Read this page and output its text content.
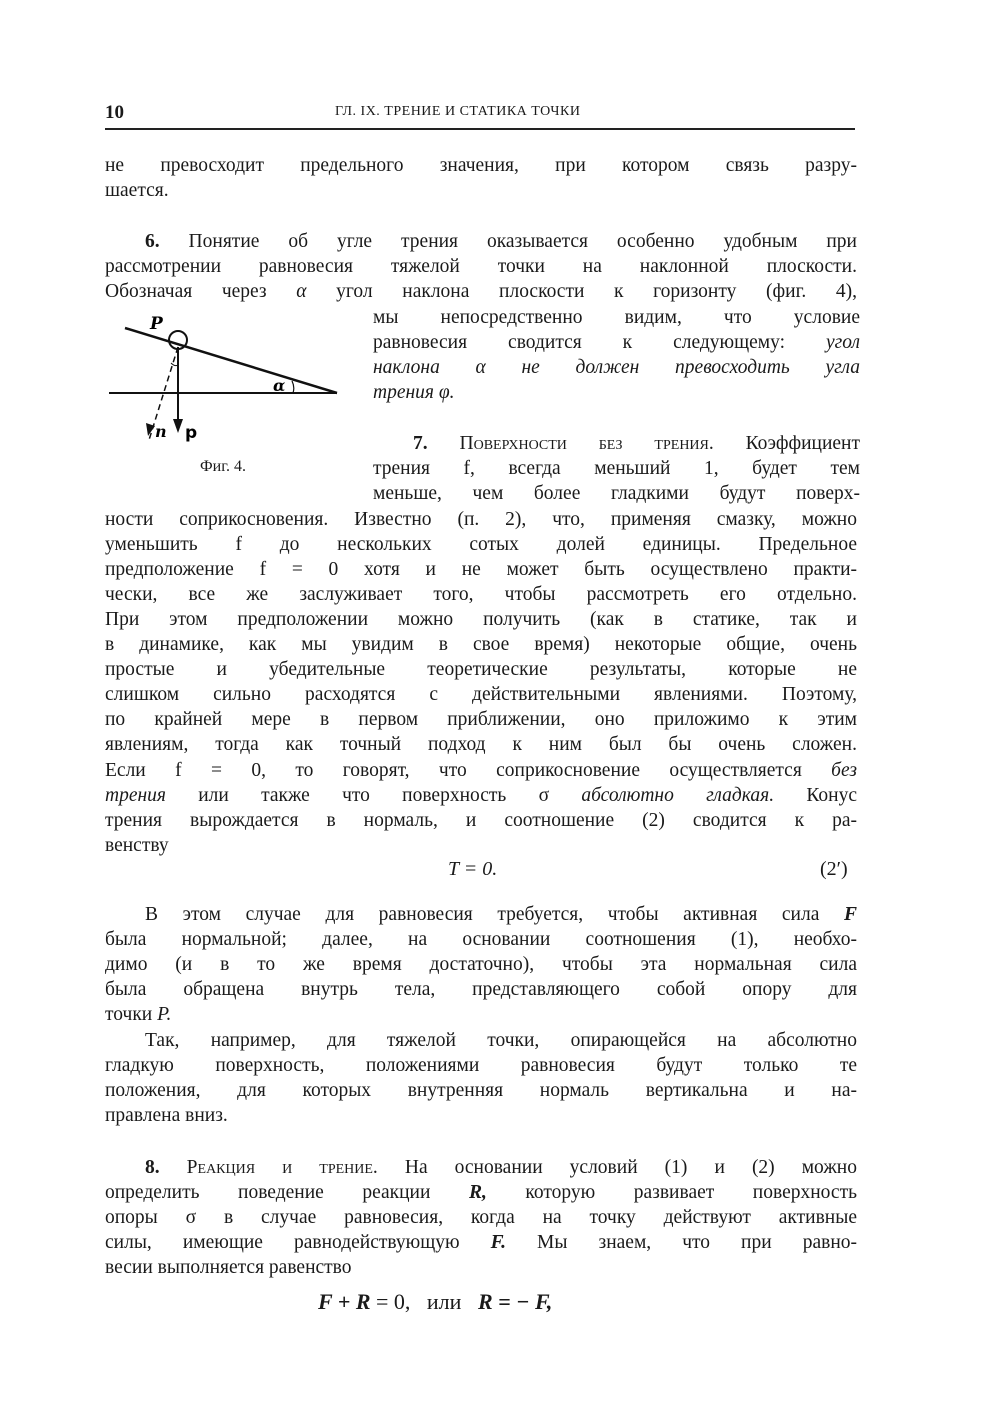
10	ГЛ. IX. ТРЕНИЕ И СТАТИКА ТОЧКИ
не превосходит предельного значения, при котором связь разру-
шается.
6. Понятие об угле трения оказывается особенно удобным при
рассмотрении равновесия тяжелой точки на наклонной плоскости.
Обозначая через α угол наклона плоскости к горизонту (фиг. 4),
мы непосредственно видим, что условие
равновесия сводится к следующему: угол
наклона α не должен превосходить угла
трения φ.
7. Поверхности без трения. Коэффициент
трения f, всегда меньший 1, будет тем
меньше, чем более гладкими будут поверх-
ности соприкосновения. Известно (п. 2), что, применяя смазку, можно
уменьшить f до нескольких сотых долей единицы. Предельное
предположение f = 0 хотя и не может быть осуществлено практи-
чески, все же заслуживает того, чтобы рассмотреть его отдельно.
При этом предположении можно получить (как в статике, так и
в динамике, как мы увидим в свое время) некоторые общие, очень
простые и убедительные теоретические результаты, которые не
слишком сильно расходятся с действительными явлениями. Поэтому,
по крайней мере в первом приближении, оно приложимо к этим
явлениям, тогда как точный подход к ним был бы очень сложен.
Если f = 0, то говорят, что соприкосновение осуществляется без
трения или также что поверхность σ абсолютно гладкая. Конус
трения вырождается в нормаль, и соотношение (2) сводится к ра-
венству
T = 0.	(2′)
В этом случае для равновесия требуется, чтобы активная сила F
была нормальной; далее, на основании соотношения (1), необхо-
димо (и в то же время достаточно), чтобы эта нормальная сила
была обращена внутрь тела, представляющего собой опору для
точки P.
Так, например, для тяжелой точки, опирающейся на абсолютно
гладкую поверхность, положениями равновесия будут только те
положения, для которых внутренняя нормаль вертикальна и на-
правлена вниз.
8. Реакция и трение. На основании условий (1) и (2) можно
определить поведение реакции R, которую развивает поверхность
опоры σ в случае равновесия, когда на точку действуют активные
силы, имеющие равнодействующую F. Мы знаем, что при равно-
весии выполняется равенство
F + R = 0,   или   R = − F,
P
α
n p
Фиг. 4.
